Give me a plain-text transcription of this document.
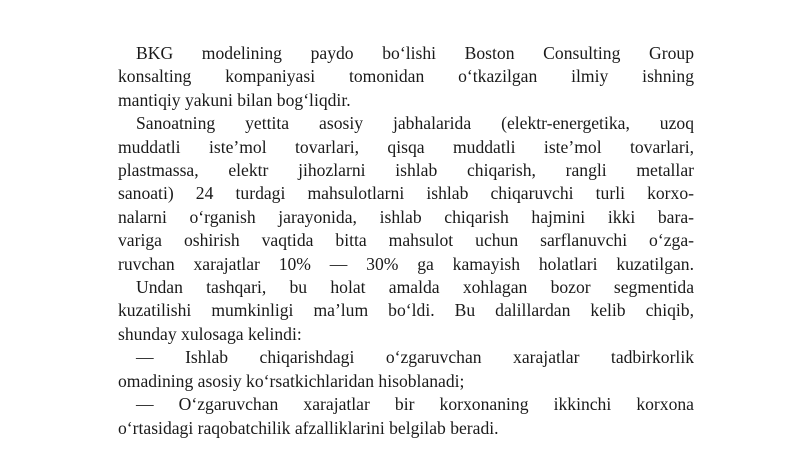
BKG modelining paydo bo‘lishi Boston Consulting Group
konsalting kompaniyasi tomonidan o‘tkazilgan ilmiy ishning
mantiqiy yakuni bilan bog‘liqdir.

Sanoatning yettita asosiy jabhalarida (elektr-energetika, uzoq
muddatli iste’mol tovarlari, qisqa muddatli iste’mol tovarlari,
plastmassa, elektr jihozlarni ishlab chiqarish, rangli metallar
sanoati) 24 turdagi mahsulotlarni ishlab chiqaruvchi turli korxo-
nalarni o‘rganish jarayonida, ishlab chiqarish hajmini ikki bara-
variga oshirish vaqtida bitta mahsulot uchun sarflanuvchi o‘zga-
ruvchan xarajatlar 10% — 30% ga kamayish holatlari kuzatilgan.

Undan tashqari, bu holat amalda xohlagan bozor segmentida
kuzatilishi mumkinligi ma’lum bo‘ldi. Bu dalillardan kelib chiqib,
shunday xulosaga kelindi:

— Ishlab chiqarishdagi o‘zgaruvchan xarajatlar tadbirkorlik
omadining asosiy ko‘rsatkichlaridan hisoblanadi;

— O‘zgaruvchan xarajatlar bir korxonaning ikkinchi korxona
o‘rtasidagi raqobatchilik afzalliklarini belgilab beradi.
